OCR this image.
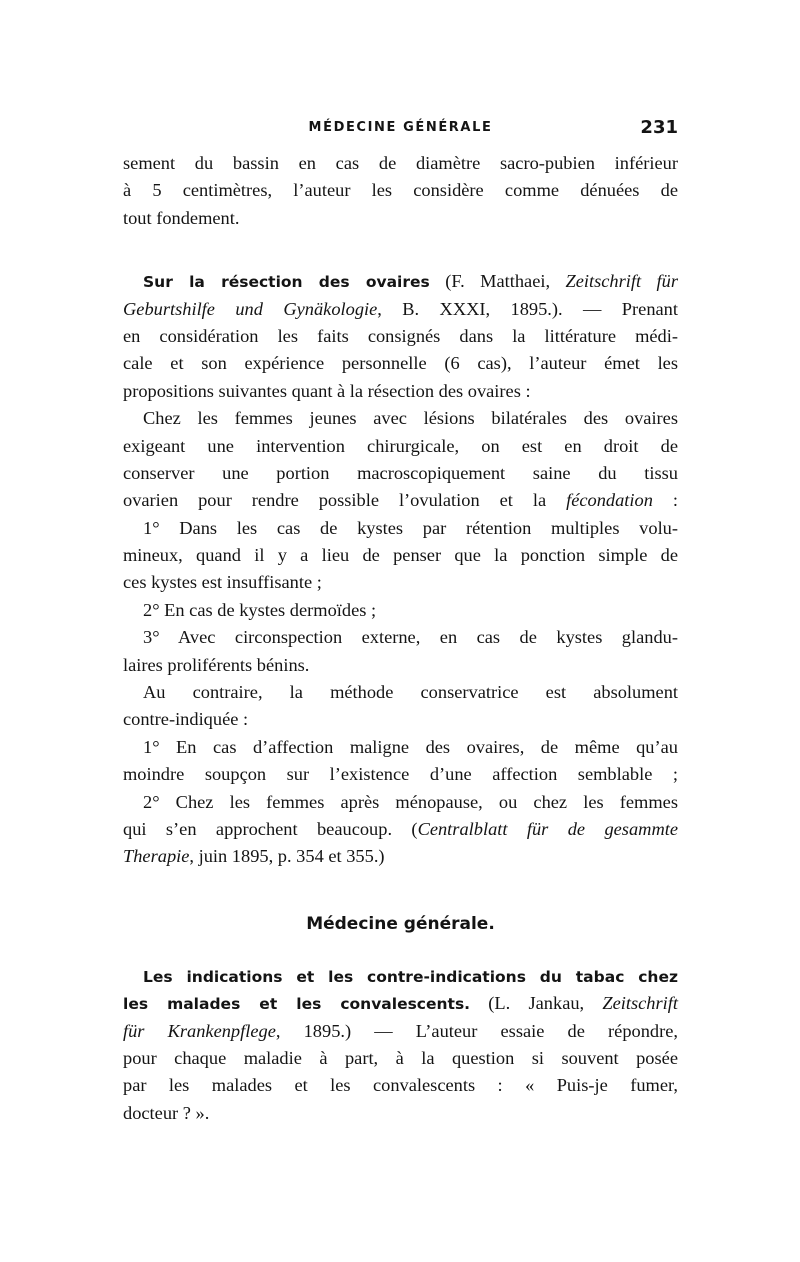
MÉDECINE GÉNÉRALE	231
sement du bassin en cas de diamètre sacro-pubien inférieur
à 5 centimètres, l’auteur les considère comme dénuées de
tout fondement.
Sur la résection des ovaires (F. Matthaei, Zeitschrift für
Geburtshilfe und Gynäkologie, B. XXXI, 1895.). — Prenant
en considération les faits consignés dans la littérature médi-
cale et son expérience personnelle (6 cas), l’auteur émet les
propositions suivantes quant à la résection des ovaires :
Chez les femmes jeunes avec lésions bilatérales des ovaires
exigeant une intervention chirurgicale, on est en droit de
conserver une portion macroscopiquement saine du tissu
ovarien pour rendre possible l’ovulation et la fécondation :
1° Dans les cas de kystes par rétention multiples volu-
mineux, quand il y a lieu de penser que la ponction simple de
ces kystes est insuffisante ;
2° En cas de kystes dermoïdes ;
3° Avec circonspection externe, en cas de kystes glandu-
laires proliférents bénins.
Au contraire, la méthode conservatrice est absolument
contre-indiquée :
1° En cas d’affection maligne des ovaires, de même qu’au
moindre soupçon sur l’existence d’une affection semblable ;
2° Chez les femmes après ménopause, ou chez les femmes
qui s’en approchent beaucoup. (Centralblatt für de gesammte
Therapie, juin 1895, p. 354 et 355.)
Médecine générale.
Les indications et les contre-indications du tabac chez
les malades et les convalescents. (L. Jankau, Zeitschrift
für Krankenpflege, 1895.) — L’auteur essaie de répondre,
pour chaque maladie à part, à la question si souvent posée
par les malades et les convalescents : « Puis-je fumer,
docteur ? ».
